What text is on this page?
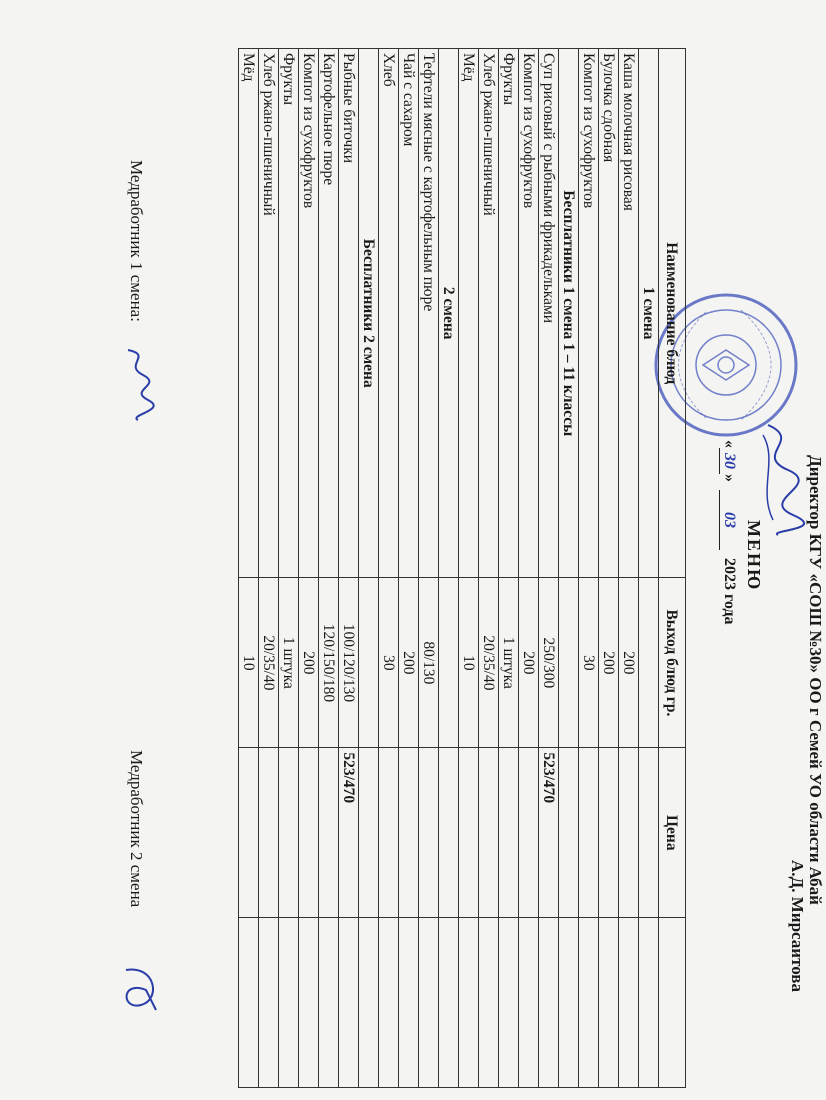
Директор КГУ «СОШ №30» ОО г Семей УО области Абай
А.Д. Мирсаитова
МЕНЮ
«30» 03 2023 года
Наименование блюд	Выход блюд гр.	Цена	
1 смена			
Каша молочная рисовая	200		
Булочка сдобная	200		
Компот из сухофруктов	30		
Бесплатники 1 смена 1 – 11 классы			
Суп рисовый с рыбными фрикадельками	250/300	523/470	
Компот из сухофруктов	200		
Фрукты	1 штука		
Хлеб ржано-пшеничный	20/35/40		
Мёд	10		
2 смена			
Тефтели мясные с картофельным пюре	80/130		
Чай с сахаром	200		
Хлеб	30		
Бесплатники 2 смена			
Рыбные биточки	100/120/130	523/470	
Картофельное пюре	120/150/180		
Компот из сухофруктов	200		
Фрукты	1 штука		
Хлеб ржано-пшеничный	20/35/40		
Мёд	10		
Медработник 1 смена:
Медработник 2 смена
